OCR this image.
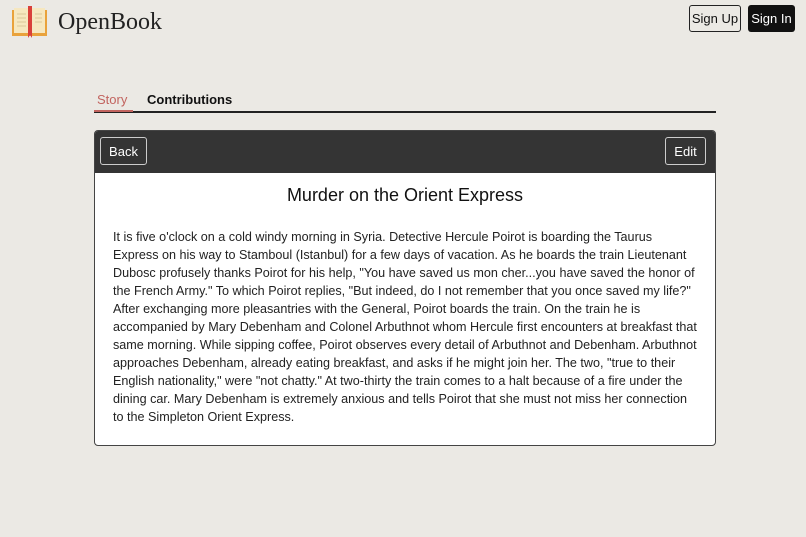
OpenBook	Sign Up Sign In
Story Contributions
Back	Edit
Murder on the Orient Express

It is five o'clock on a cold windy morning in Syria. Detective Hercule Poirot is boarding the Taurus Express on his way to Stamboul (Istanbul) for a few days of vacation. As he boards the train Lieutenant Dubosc profusely thanks Poirot for his help, "You have saved us mon cher...you have saved the honor of the French Army." To which Poirot replies, "But indeed, do I not remember that you once saved my life?" After exchanging more pleasantries with the General, Poirot boards the train. On the train he is accompanied by Mary Debenham and Colonel Arbuthnot whom Hercule first encounters at breakfast that same morning. While sipping coffee, Poirot observes every detail of Arbuthnot and Debenham. Arbuthnot approaches Debenham, already eating breakfast, and asks if he might join her. The two, "true to their English nationality," were "not chatty." At two-thirty the train comes to a halt because of a fire under the dining car. Mary Debenham is extremely anxious and tells Poirot that she must not miss her connection to the Simpleton Orient Express.
